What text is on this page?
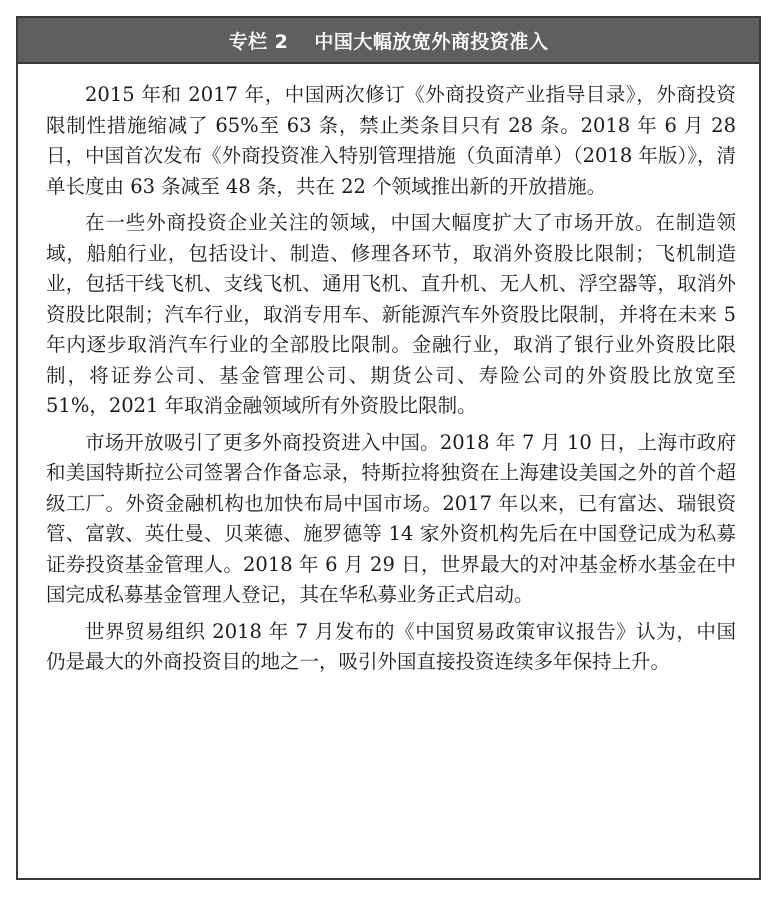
专栏 2 中国大幅放宽外商投资准入

2015 年和 2017 年，中国两次修订《外商投资产业指导目录》，外商投资限制性措施缩减了 65%至 63 条，禁止类条目只有 28 条。2018 年 6 月 28 日，中国首次发布《外商投资准入特别管理措施（负面清单）（2018 年版）》，清单长度由 63 条减至 48 条，共在 22 个领域推出新的开放措施。

在一些外商投资企业关注的领域，中国大幅度扩大了市场开放。在制造领域，船舶行业，包括设计、制造、修理各环节，取消外资股比限制；飞机制造业，包括干线飞机、支线飞机、通用飞机、直升机、无人机、浮空器等，取消外资股比限制；汽车行业，取消专用车、新能源汽车外资股比限制，并将在未来 5 年内逐步取消汽车行业的全部股比限制。金融行业，取消了银行业外资股比限制，将证券公司、基金管理公司、期货公司、寿险公司的外资股比放宽至 51%，2021 年取消金融领域所有外资股比限制。

市场开放吸引了更多外商投资进入中国。2018 年 7 月 10 日，上海市政府和美国特斯拉公司签署合作备忘录，特斯拉将独资在上海建设美国之外的首个超级工厂。外资金融机构也加快布局中国市场。2017 年以来，已有富达、瑞银资管、富敦、英仕曼、贝莱德、施罗德等 14 家外资机构先后在中国登记成为私募证券投资基金管理人。2018 年 6 月 29 日，世界最大的对冲基金桥水基金在中国完成私募基金管理人登记，其在华私募业务正式启动。

世界贸易组织 2018 年 7 月发布的《中国贸易政策审议报告》认为，中国仍是最大的外商投资目的地之一，吸引外国直接投资连续多年保持上升。
